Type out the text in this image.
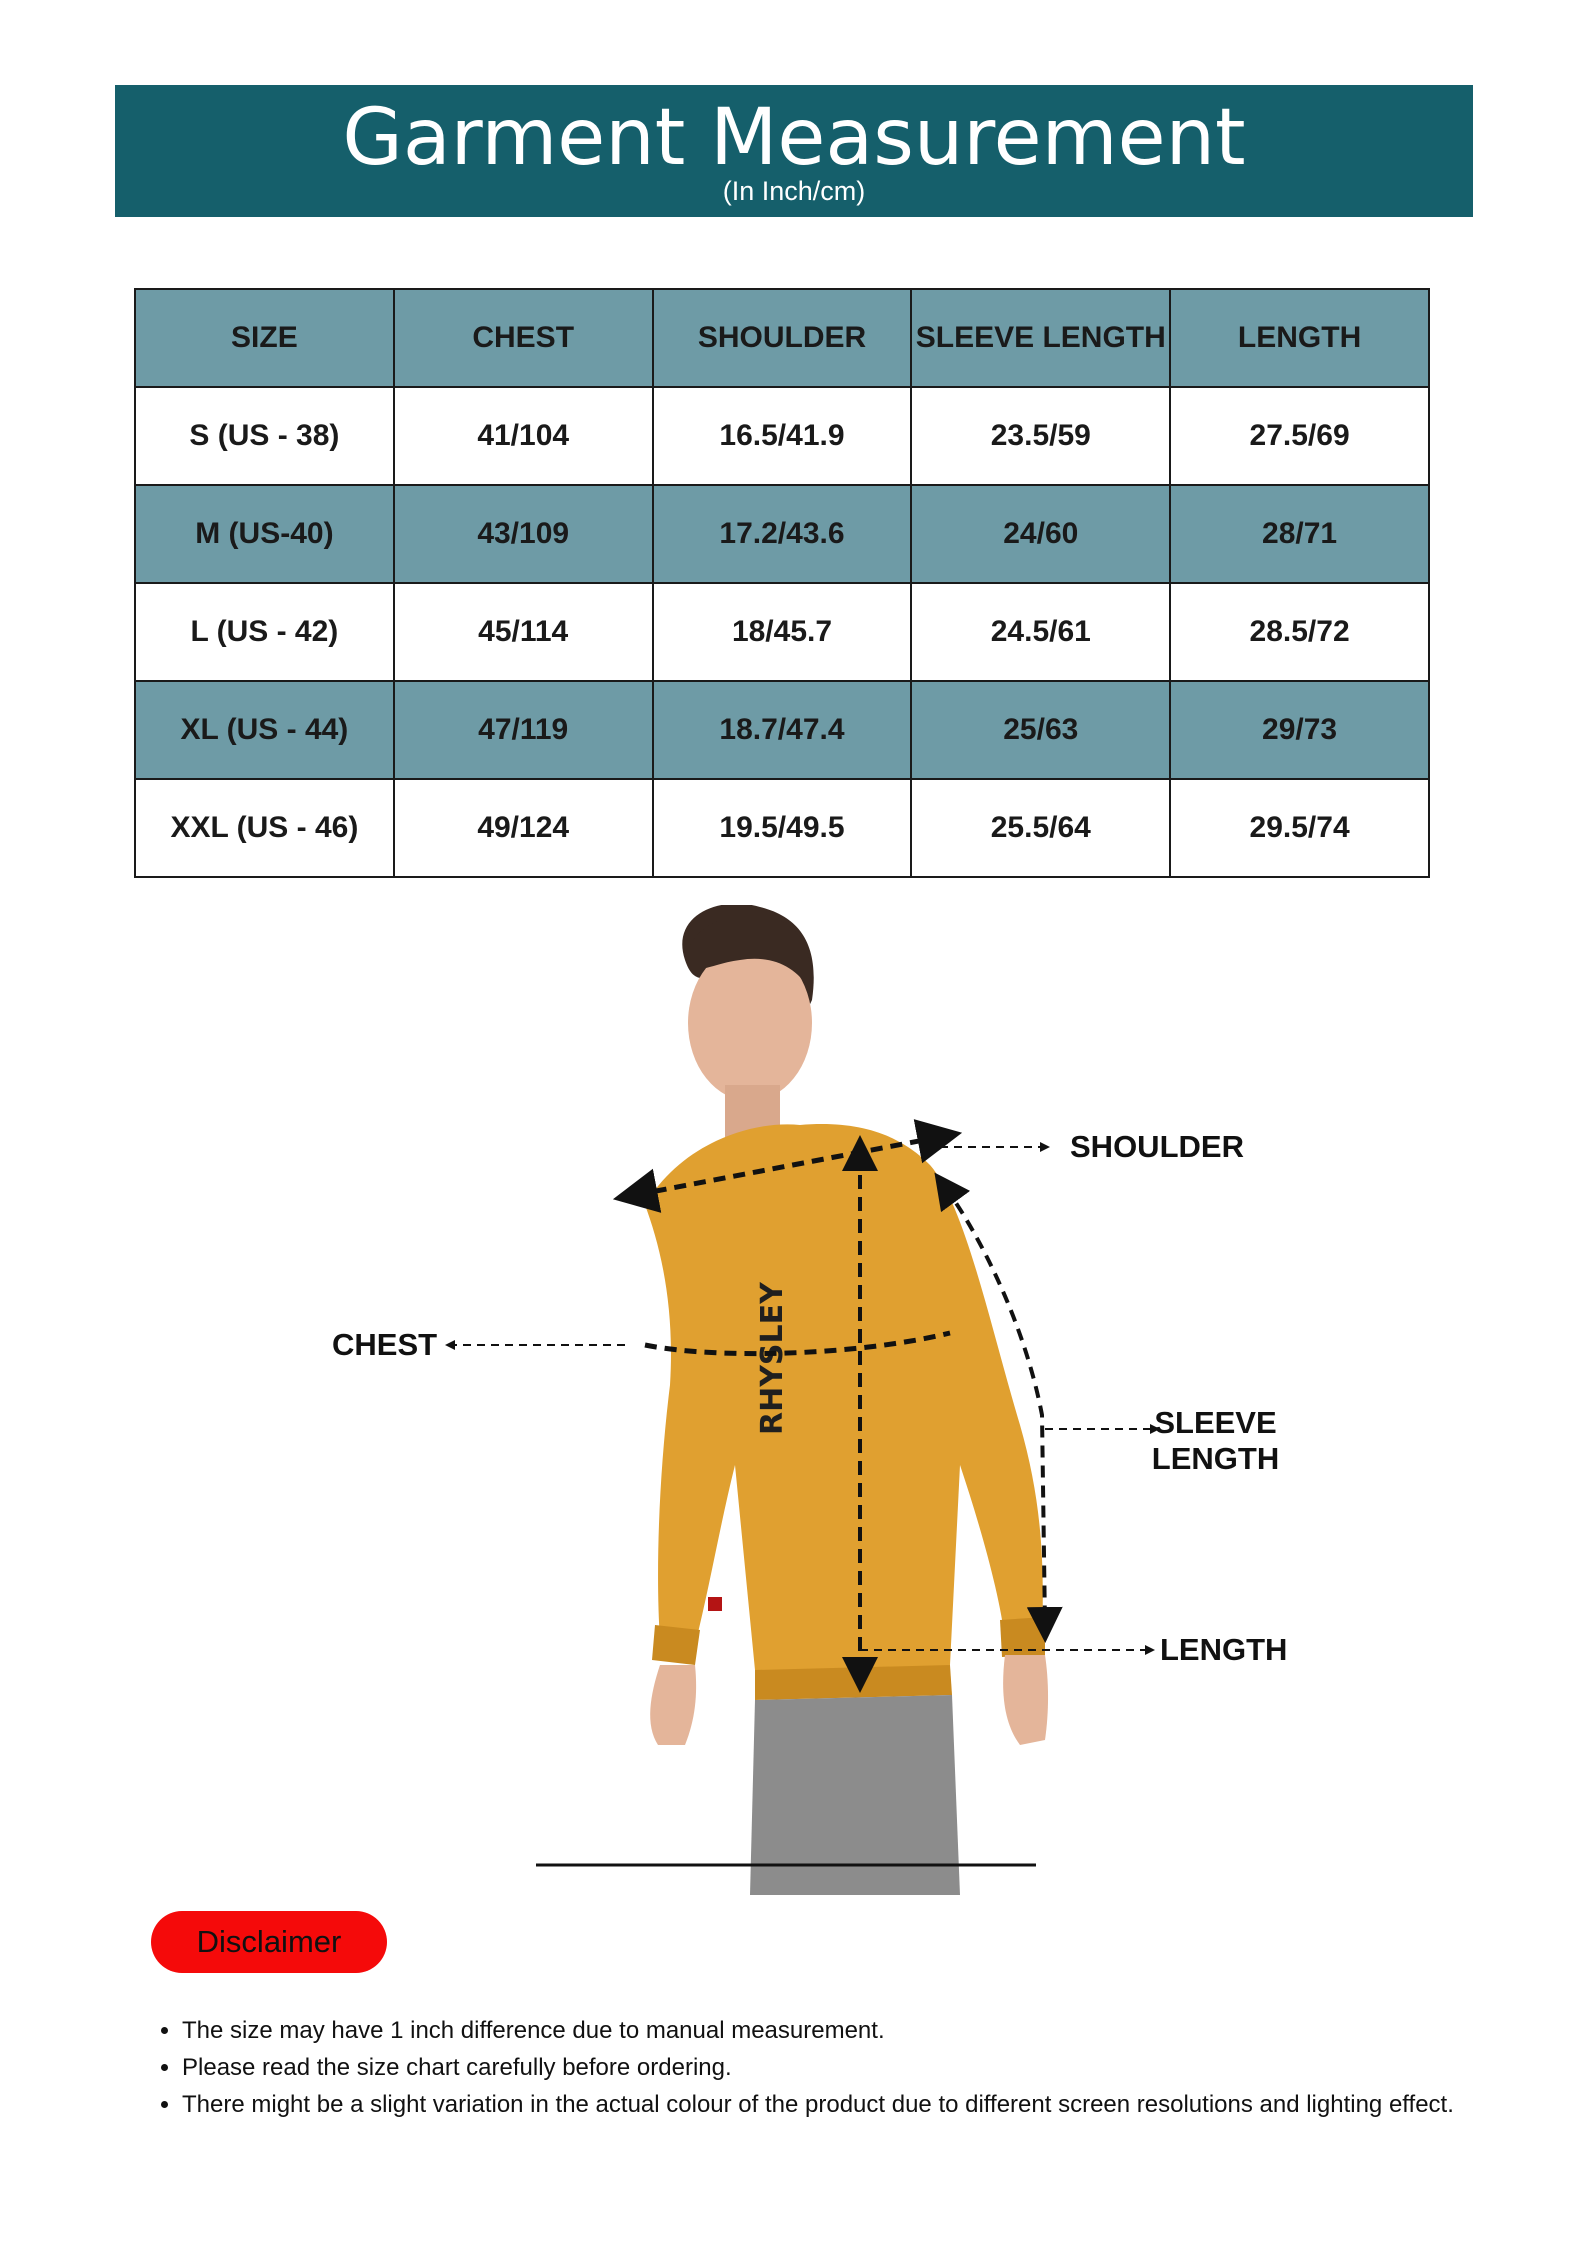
Garment Measurement
(In Inch/cm)
SIZE	CHEST	SHOULDER	SLEEVE LENGTH	LENGTH
S (US - 38)	41/104	16.5/41.9	23.5/59	27.5/69
M (US-40)	43/109	17.2/43.6	24/60	28/71
L (US - 42)	45/114	18/45.7	24.5/61	28.5/72
XL (US - 44)	47/119	18.7/47.4	25/63	29/73
XXL (US - 46)	49/124	19.5/49.5	25.5/64	29.5/74
RHYSLEY
SHOULDER
CHEST
SLEEVE
LENGTH
LENGTH
Disclaimer
• The size may have 1 inch difference due to manual measurement.
• Please read the size chart carefully before ordering.
• There might be a slight variation in the actual colour of the product due to different screen resolutions and lighting effect.
